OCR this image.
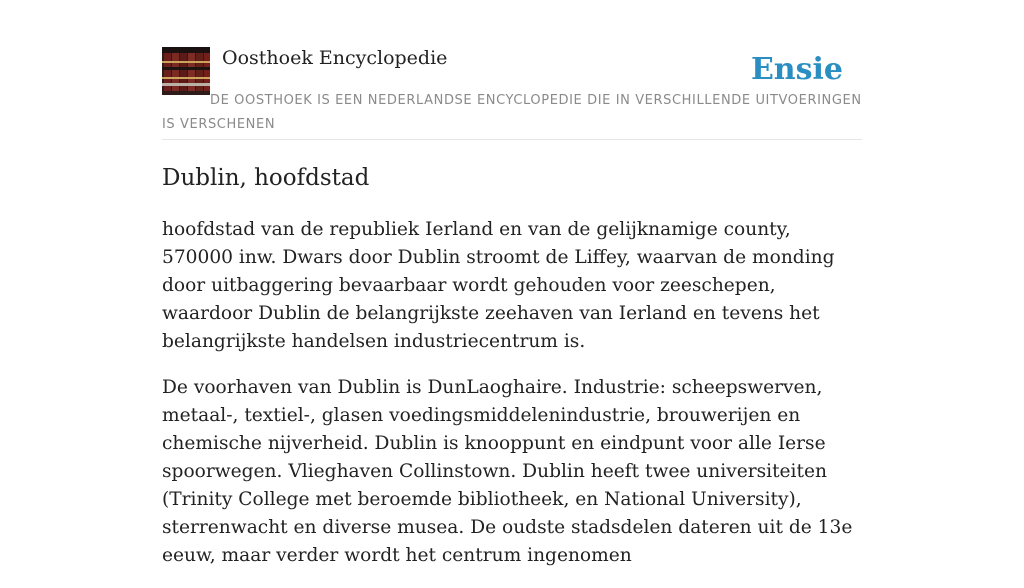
Oosthoek Encyclopedie	Ensie
DE OOSTHOEK IS EEN NEDERLANDSE ENCYCLOPEDIE DIE IN VERSCHILLENDE UITVOERINGEN IS VERSCHENEN
Dublin, hoofdstad

hoofdstad van de republiek Ierland en van de gelijknamige county, 570000 inw. Dwars door Dublin stroomt de Liffey, waarvan de monding door uitbaggering bevaarbaar wordt gehouden voor zeeschepen, waardoor Dublin de belangrijkste zeehaven van Ierland en tevens het belangrijkste handelsen industriecentrum is.

De voorhaven van Dublin is DunLaoghaire. Industrie: scheepswerven, metaal-, textiel-, glasen voedingsmiddelenindustrie, brouwerijen en chemische nijverheid. Dublin is knooppunt en eindpunt voor alle Ierse spoorwegen. Vlieghaven Collinstown. Dublin heeft twee universiteiten (Trinity College met beroemde bibliotheek, en National University), sterrenwacht en diverse musea. De oudste stadsdelen dateren uit de 13e eeuw, maar verder wordt het centrum ingenomen
